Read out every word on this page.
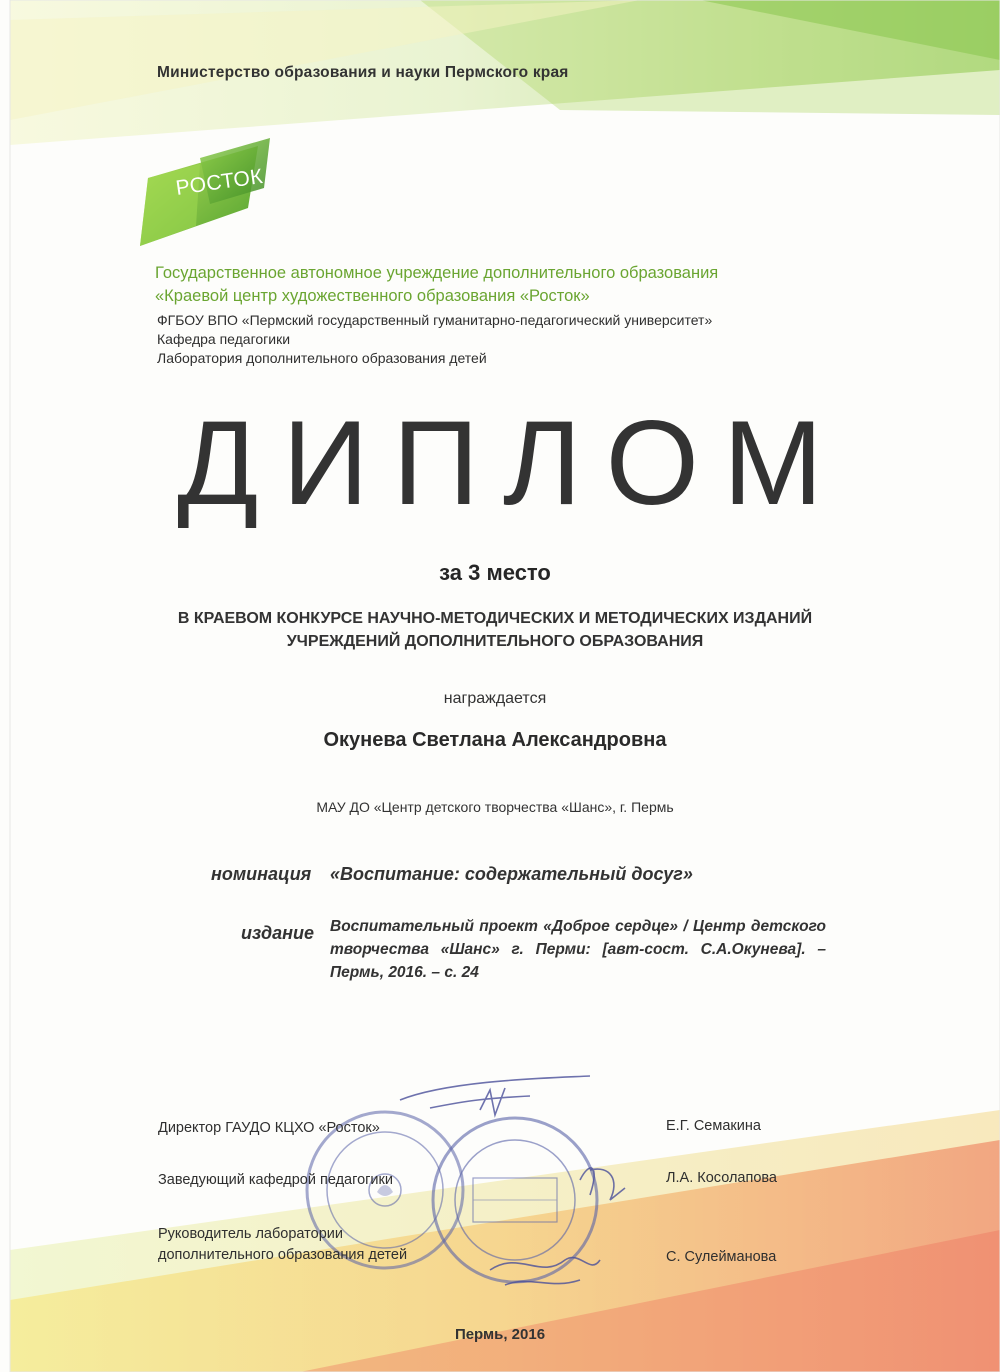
Министерство образования и науки Пермского края
РОСТОК
Государственное автономное учреждение дополнительного образования
«Краевой центр художественного образования «Росток»
ФГБОУ ВПО «Пермский государственный гуманитарно-педагогический университет»
Кафедра педагогики
Лаборатория дополнительного образования детей
ДИПЛОМ
за 3 место
В КРАЕВОМ КОНКУРСЕ НАУЧНО-МЕТОДИЧЕСКИХ И МЕТОДИЧЕСКИХ ИЗДАНИЙ
УЧРЕЖДЕНИЙ ДОПОЛНИТЕЛЬНОГО ОБРАЗОВАНИЯ
награждается
Окунева Светлана Александровна
МАУ ДО «Центр детского творчества «Шанс», г. Пермь
номинация «Воспитание: содержательный досуг»
издание Воспитательный проект «Доброе сердце» / Центр детского творчества «Шанс» г. Перми: [авт-сост. С.А.Окунева]. – Пермь, 2016. – с. 24
Директор ГАУДО КЦХО «Росток»	Е.Г. Семакина
Заведующий кафедрой педагогики	Л.А. Косолапова
Руководитель лаборатории
дополнительного образования детей	С. Сулейманова
Пермь, 2016
